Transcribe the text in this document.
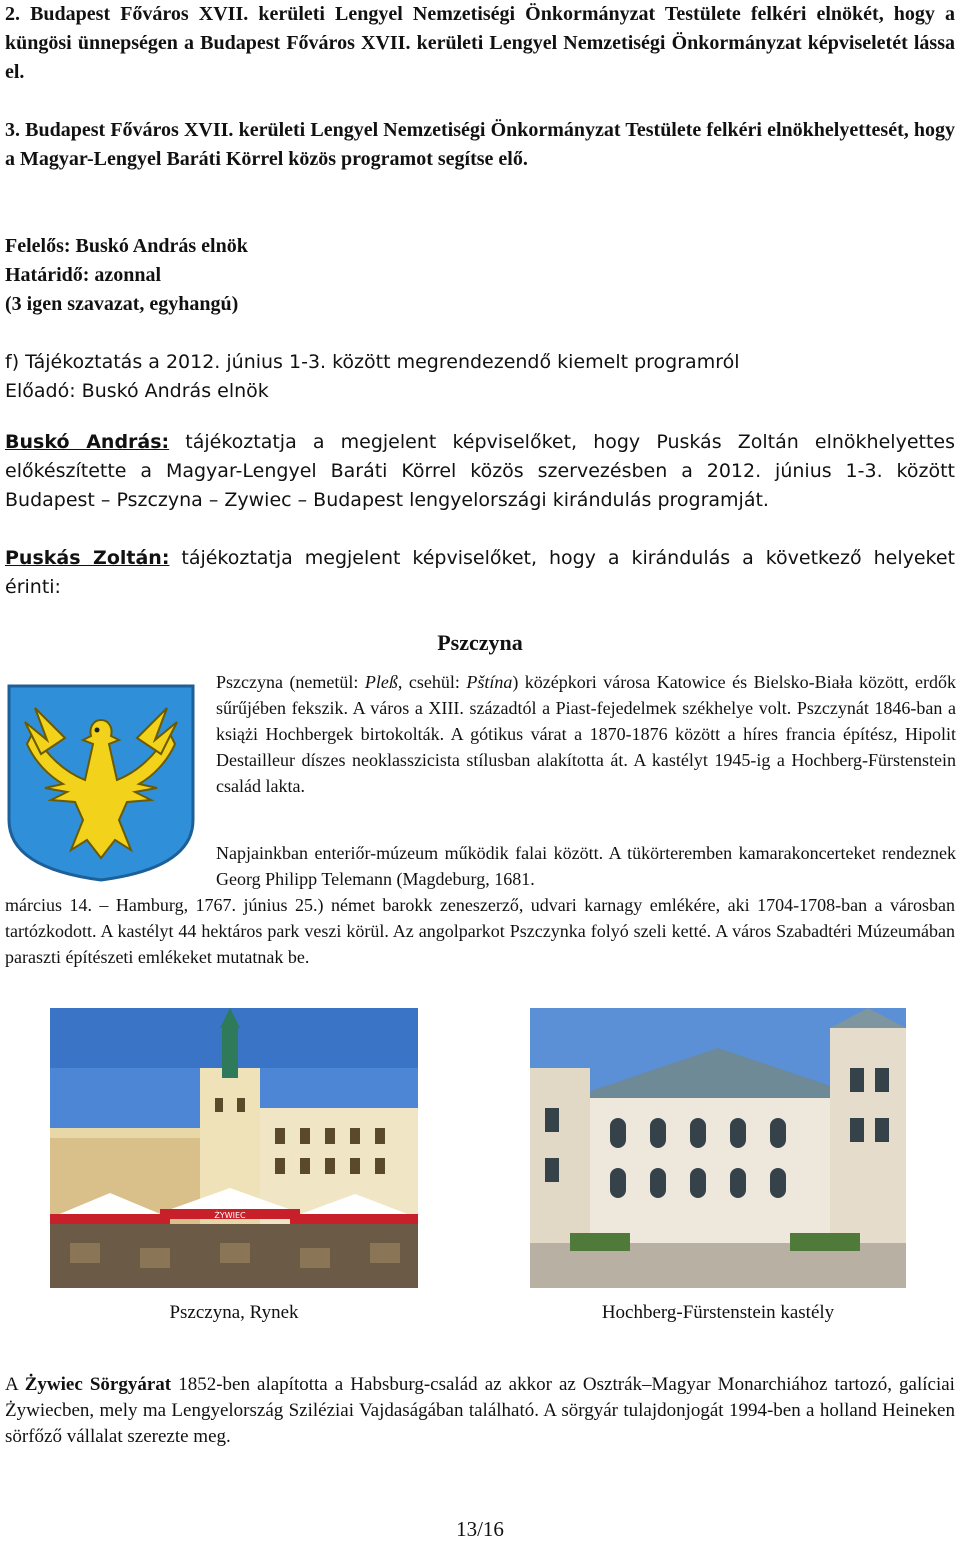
2. Budapest Főváros XVII. kerületi Lengyel Nemzetiségi Önkormányzat Testülete felkéri elnökét, hogy a küngösi ünnepségen a Budapest Főváros XVII. kerületi Lengyel Nemzetiségi Önkormányzat képviseletét lássa el.

3. Budapest Főváros XVII. kerületi Lengyel Nemzetiségi Önkormányzat Testülete felkéri elnökhelyettesét, hogy a Magyar-Lengyel Baráti Körrel közös programot segítse elő.

Felelős: Buskó András elnök
Határidő: azonnal
(3 igen szavazat, egyhangú)
f) Tájékoztatás a 2012. június 1-3. között megrendezendő kiemelt programról
Előadó: Buskó András elnök

Buskó András: tájékoztatja a megjelent képviselőket, hogy Puskás Zoltán elnökhelyettes előkészítette a Magyar-Lengyel Baráti Körrel közös szervezésben a 2012. június 1-3. között Budapest – Pszczyna – Zywiec – Budapest lengyelországi kirándulás programját.

Puskás Zoltán: tájékoztatja megjelent képviselőket, hogy a kirándulás a következő helyeket érinti:

Pszczyna

Pszczyna (nemetül: Pleß, csehül: Pštína) középkori városa Katowice és Bielsko-Biała között, erdők sűrűjében fekszik. A város a XIII. századtól a Piast-fejedelmek székhelye volt. Pszczynát 1846-ban a książi Hochbergek birtokolták. A gótikus várat a 1870-1876 között a híres francia építész, Hipolit Destailleur díszes neoklasszicista stílusban alakította át. A kastélyt 1945-ig a Hochberg-Fürstenstein család lakta.

Napjainkban enteriőr-múzeum működik falai között. A tükörteremben kamarakoncerteket rendeznek Georg Philipp Telemann (Magdeburg, 1681.

március 14. – Hamburg, 1767. június 25.) német barokk zeneszerző, udvari karnagy emlékére, aki 1704-1708-ban a városban tartózkodott. A kastélyt 44 hektáros park veszi körül. Az angolparkot Pszczynka folyó szeli ketté. A város Szabadtéri Múzeumában paraszti építészeti emlékeket mutatnak be.

ŻYWIEC
Pszczyna, Rynek	Hochberg-Fürstenstein kastély

A Żywiec Sörgyárat 1852-ben alapította a Habsburg-család az akkor az Osztrák–Magyar Monarchiához tartozó, galíciai Żywiecben, mely ma Lengyelország Sziléziai Vajdaságában található. A sörgyár tulajdonjogát 1994-ben a holland Heineken sörfőző vállalat szerezte meg.

13/16
